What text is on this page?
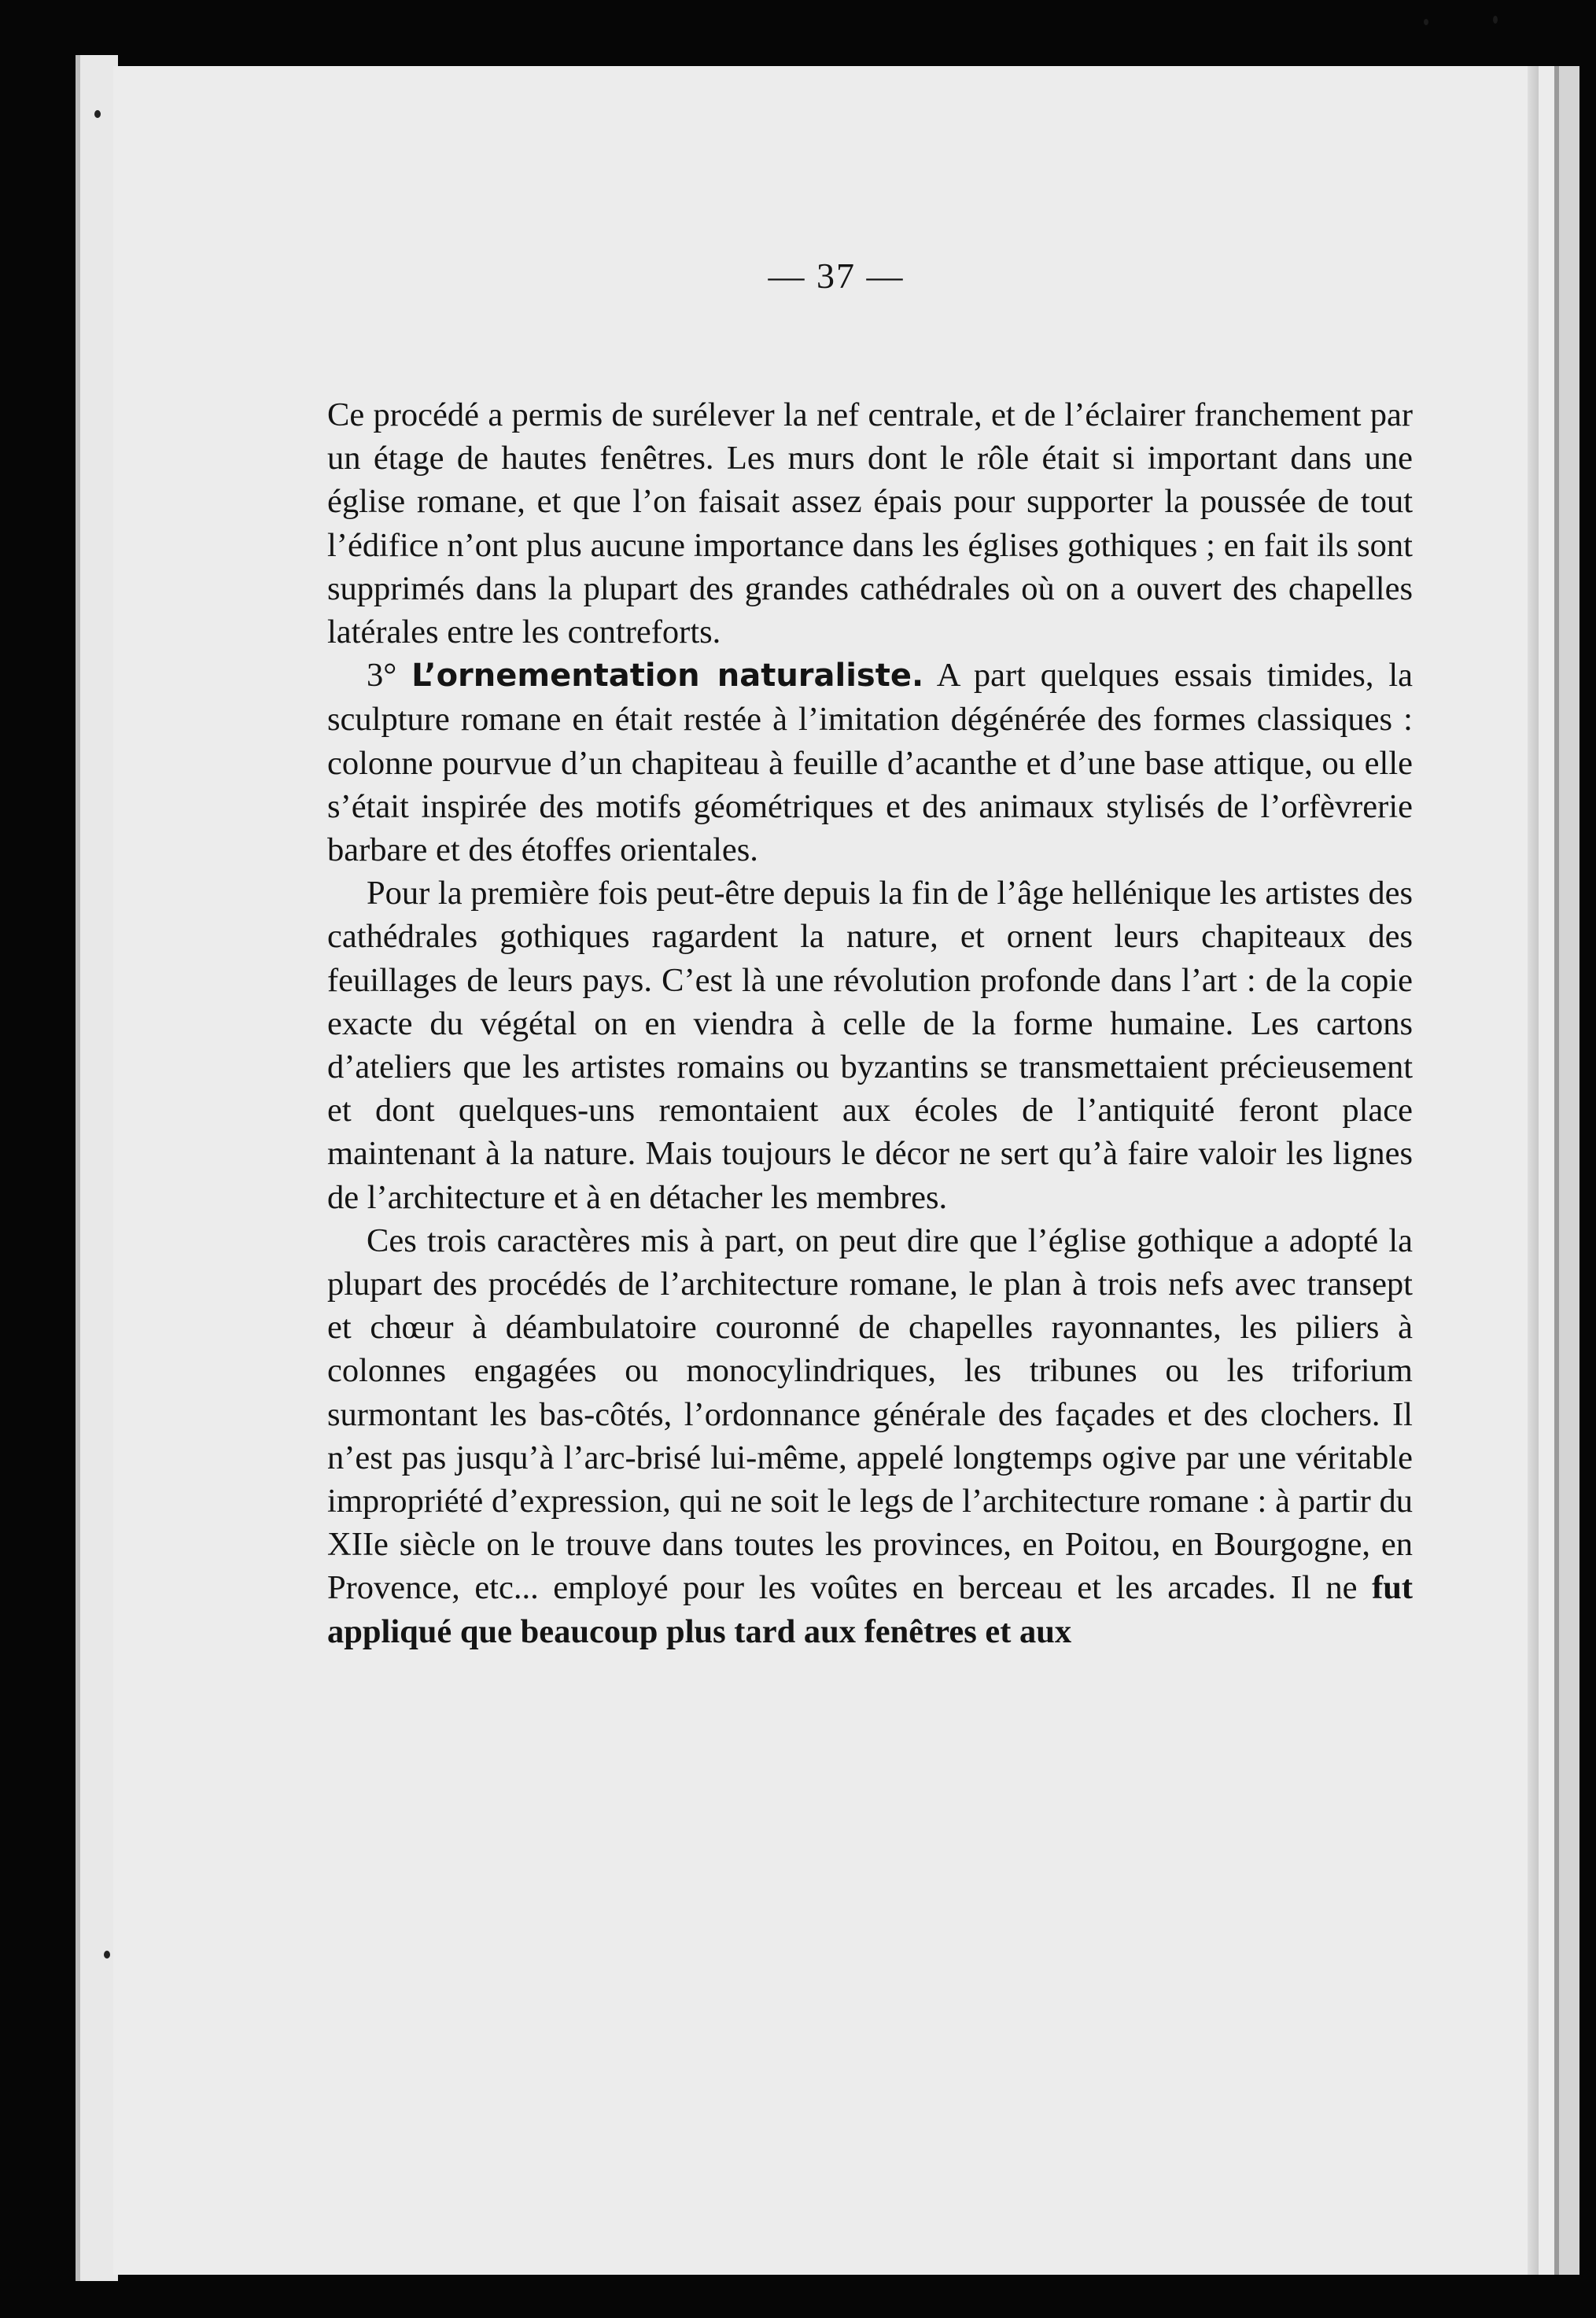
— 37 —

Ce procédé a permis de surélever la nef centrale, et de l’éclairer franchement par un étage de hautes fenêtres. Les murs dont le rôle était si important dans une église romane, et que l’on faisait assez épais pour supporter la poussée de tout l’édifice n’ont plus aucune importance dans les églises gothiques ; en fait ils sont supprimés dans la plupart des grandes cathédrales où on a ouvert des chapelles latérales entre les contreforts.

3° L’ornementation naturaliste. A part quelques essais timides, la sculpture romane en était restée à l’imitation dégénérée des formes classiques : colonne pourvue d’un chapiteau à feuille d’acanthe et d’une base attique, ou elle s’était inspirée des motifs géométriques et des animaux stylisés de l’orfèvrerie barbare et des étoffes orientales.

Pour la première fois peut-être depuis la fin de l’âge hellénique les artistes des cathédrales gothiques ragardent la nature, et ornent leurs chapiteaux des feuillages de leurs pays. C’est là une révolution profonde dans l’art : de la copie exacte du végétal on en viendra à celle de la forme humaine. Les cartons d’ateliers que les artistes romains ou byzantins se transmettaient précieusement et dont quelques-uns remontaient aux écoles de l’antiquité feront place maintenant à la nature. Mais toujours le décor ne sert qu’à faire valoir les lignes de l’architecture et à en détacher les membres.

Ces trois caractères mis à part, on peut dire que l’église gothique a adopté la plupart des procédés de l’architecture romane, le plan à trois nefs avec transept et chœur à déambulatoire couronné de chapelles rayonnantes, les piliers à colonnes engagées ou monocylindriques, les tribunes ou les triforium surmontant les bas-côtés, l’ordonnance générale des façades et des clochers. Il n’est pas jusqu’à l’arc-brisé lui-même, appelé longtemps ogive par une véritable impropriété d’expression, qui ne soit le legs de l’architecture romane : à partir du XIIe siècle on le trouve dans toutes les provinces, en Poitou, en Bourgogne, en Provence, etc... employé pour les voûtes en berceau et les arcades. Il ne fut appliqué que beaucoup plus tard aux fenêtres et aux
